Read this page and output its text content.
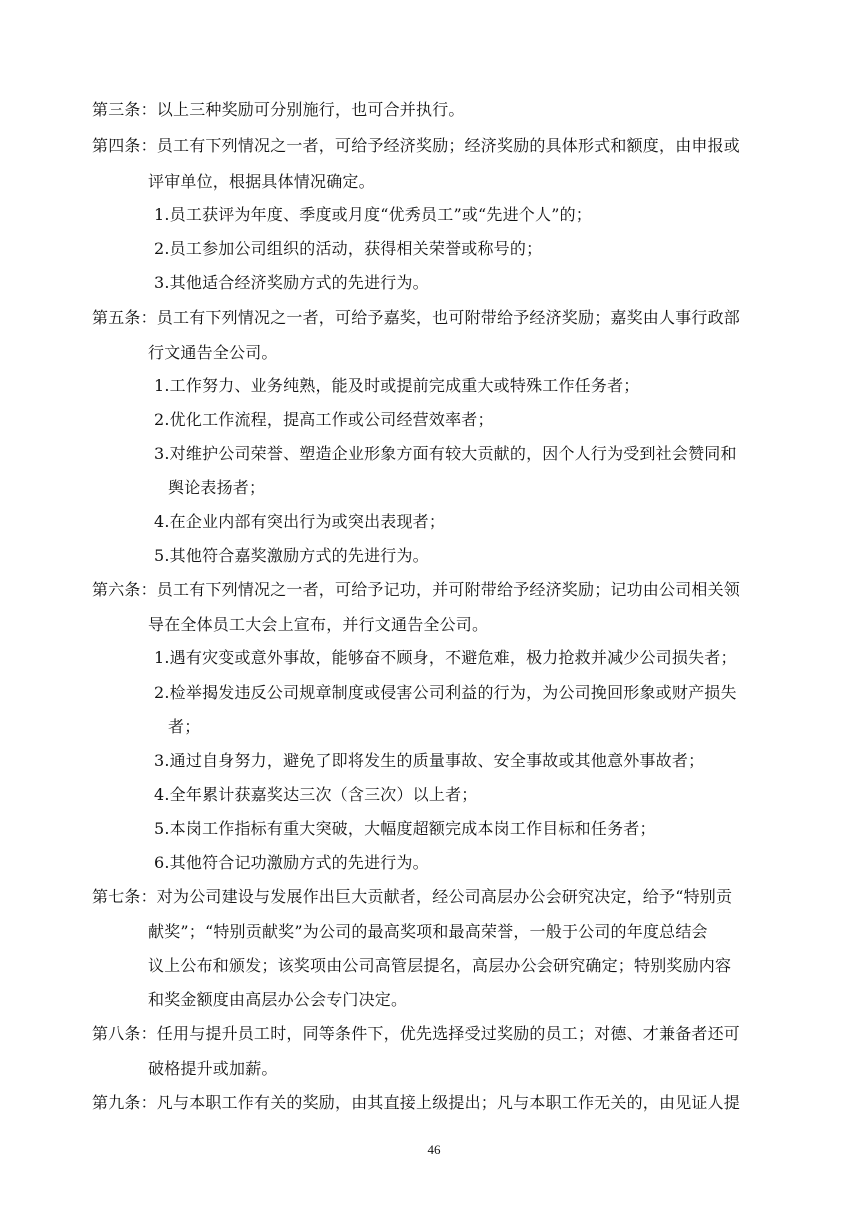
第三条：以上三种奖励可分别施行，也可合并执行。
第四条：员工有下列情况之一者，可给予经济奖励；经济奖励的具体形式和额度，由申报或
评审单位，根据具体情况确定。
1.员工获评为年度、季度或月度“优秀员工”或“先进个人”的；
2.员工参加公司组织的活动，获得相关荣誉或称号的；
3.其他适合经济奖励方式的先进行为。
第五条：员工有下列情况之一者，可给予嘉奖，也可附带给予经济奖励；嘉奖由人事行政部
行文通告全公司。
1.工作努力、业务纯熟，能及时或提前完成重大或特殊工作任务者；
2.优化工作流程，提高工作或公司经营效率者；
3.对维护公司荣誉、塑造企业形象方面有较大贡献的，因个人行为受到社会赞同和
舆论表扬者；
4.在企业内部有突出行为或突出表现者；
5.其他符合嘉奖激励方式的先进行为。
第六条：员工有下列情况之一者，可给予记功，并可附带给予经济奖励；记功由公司相关领
导在全体员工大会上宣布，并行文通告全公司。
1.遇有灾变或意外事故，能够奋不顾身，不避危难，极力抢救并减少公司损失者；
2.检举揭发违反公司规章制度或侵害公司利益的行为，为公司挽回形象或财产损失
者；
3.通过自身努力，避免了即将发生的质量事故、安全事故或其他意外事故者；
4.全年累计获嘉奖达三次（含三次）以上者；
5.本岗工作指标有重大突破，大幅度超额完成本岗工作目标和任务者；
6.其他符合记功激励方式的先进行为。
第七条：对为公司建设与发展作出巨大贡献者，经公司高层办公会研究决定，给予“特别贡
献奖”；“特别贡献奖”为公司的最高奖项和最高荣誉，一般于公司的年度总结会
议上公布和颁发；该奖项由公司高管层提名，高层办公会研究确定；特别奖励内容
和奖金额度由高层办公会专门决定。
第八条：任用与提升员工时，同等条件下，优先选择受过奖励的员工；对德、才兼备者还可
破格提升或加薪。
第九条：凡与本职工作有关的奖励，由其直接上级提出；凡与本职工作无关的，由见证人提
46
